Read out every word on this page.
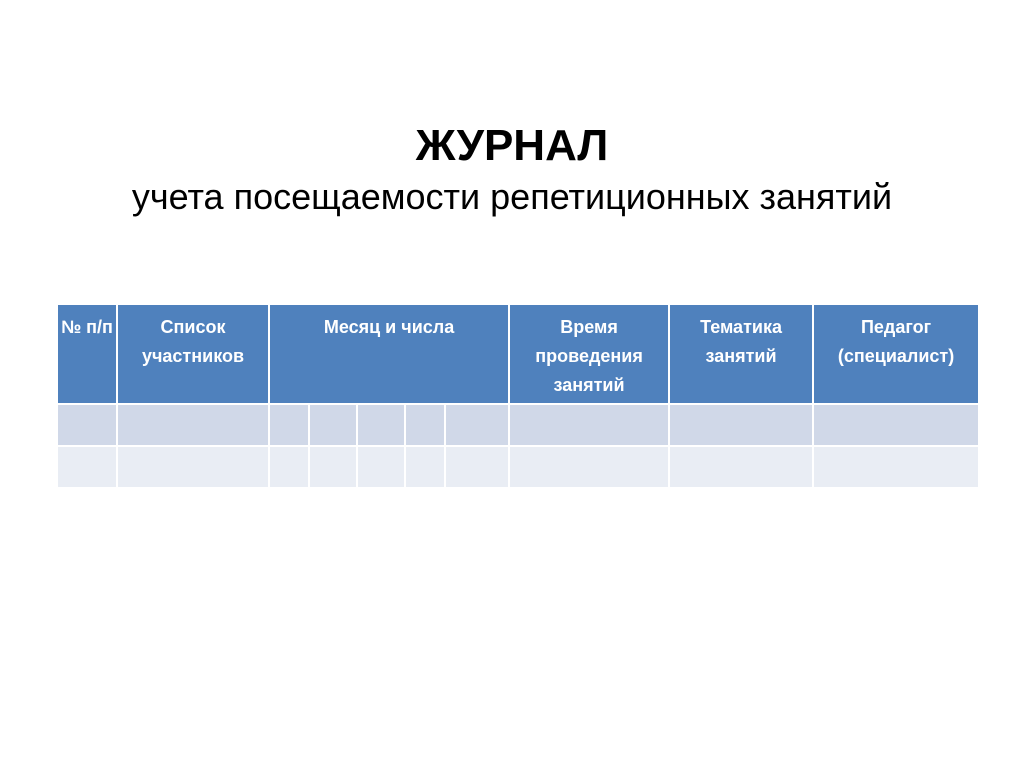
ЖУРНАЛ
учета посещаемости репетиционных занятий
№ п/п	Список участников	Месяц и числа					Время проведения занятий	Тематика занятий	Педагог (специалист)
